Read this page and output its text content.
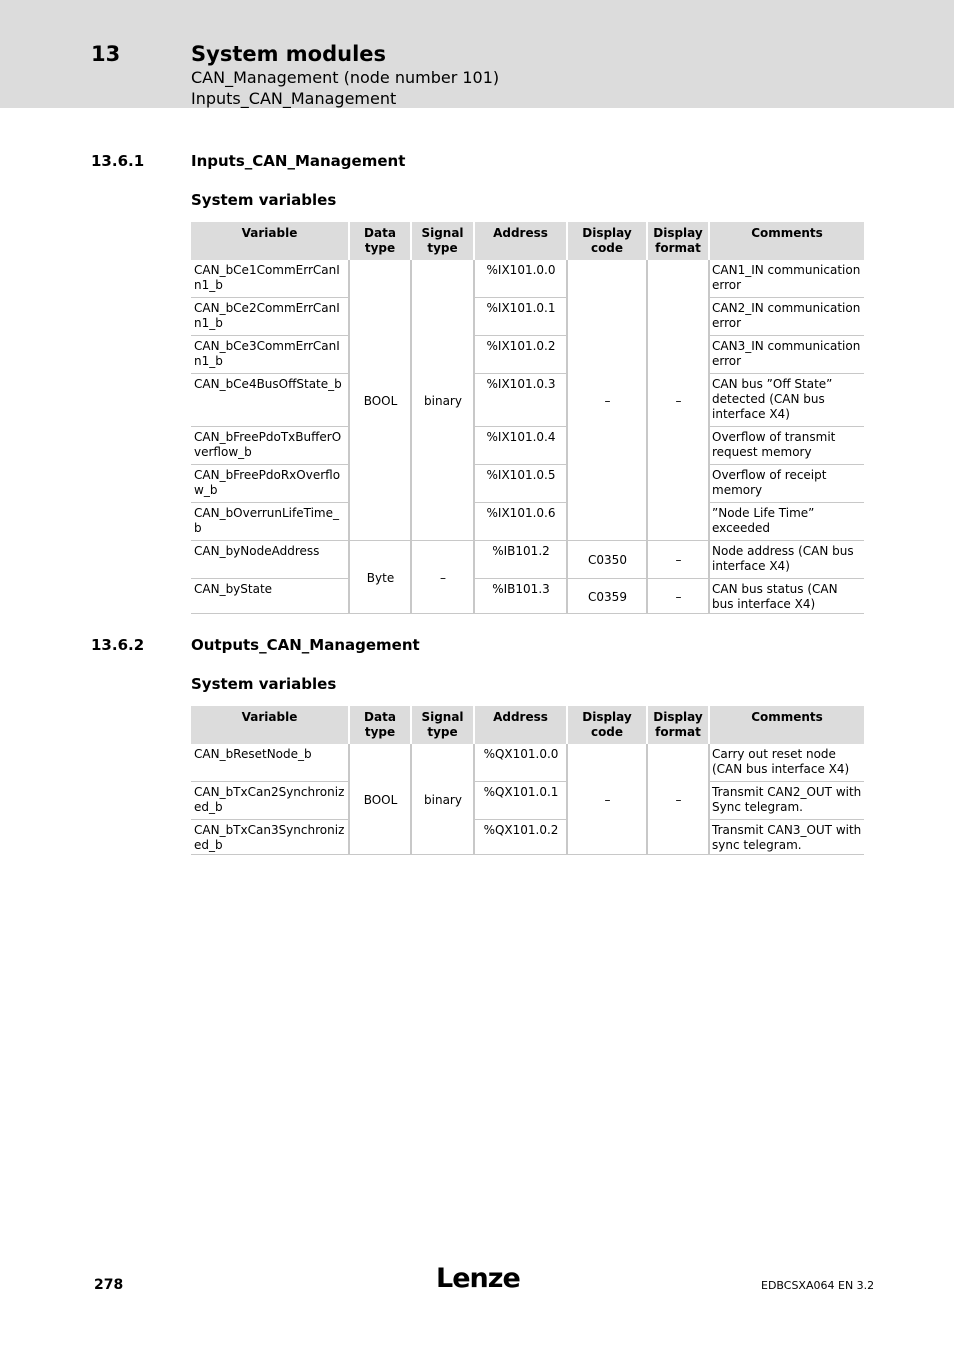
13	System modules
CAN_Management (node number 101)
Inputs_CAN_Management
13.6.1	Inputs_CAN_Management
System variables
Variable	Data type	Signal type	Address	Display code	Display format	Comments
CAN_bCe1CommErrCanIn1_b	BOOL	binary	%IX101.0.0	–	–	CAN1_IN communication error
CAN_bCe2CommErrCanIn1_b			%IX101.0.1			CAN2_IN communication error
CAN_bCe3CommErrCanIn1_b			%IX101.0.2			CAN3_IN communication error
CAN_bCe4BusOffState_b			%IX101.0.3			CAN bus ”Off State” detected (CAN bus interface X4)
CAN_bFreePdoTxBufferOverflow_b			%IX101.0.4			Overflow of transmit request memory
CAN_bFreePdoRxOverflow_b			%IX101.0.5			Overflow of receipt memory
CAN_bOverrunLifeTime_b			%IX101.0.6			”Node Life Time” exceeded
CAN_byNodeAddress	Byte	–	%IB101.2	C0350	–	Node address (CAN bus interface X4)
CAN_byState			%IB101.3	C0359	–	CAN bus status (CAN bus interface X4)
13.6.2	Outputs_CAN_Management
System variables
Variable	Data type	Signal type	Address	Display code	Display format	Comments
CAN_bResetNode_b	BOOL	binary	%QX101.0.0	–	–	Carry out reset node (CAN bus interface X4)
CAN_bTxCan2Synchronized_b			%QX101.0.1			Transmit CAN2_OUT with Sync telegram.
CAN_bTxCan3Synchronized_b			%QX101.0.2			Transmit CAN3_OUT with sync telegram.
278	Lenze	EDBCSXA064 EN 3.2
